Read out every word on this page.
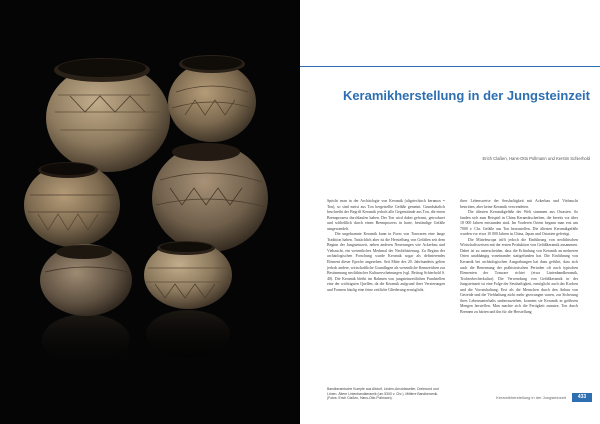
Keramikherstellung in der Jungsteinzeit
Erich Claßen, Hans-Otto Pollmann und Kerstin Schierhold

Spricht man in der Archäologie von Keramik (altgriechisch keramos = Ton), so sind meist aus Ton hergestellte Gefäße gemeint. Grundsätzlich beschreibt der Begriff Keramik jedoch alle Gegenstände aus Ton, die einen Brennprozess durchlaufen haben. Der Ton wird dabei geformt, getrocknet und schließlich durch einen Brennprozess in harte, beständige Gefäße umgewandelt.

Die ungebrannte Keramik kann in Form von Tonwaren eine lange Tradition haben. Tatsächlich aber ist die Herstellung von Gefäßen seit dem Beginn der Jungsteinzeit, neben anderen Neuerungen wie Ackerbau und Viehzucht, ein wesentliches Merkmal der Neolithisierung. Zu Beginn der archäologischen Forschung wurde Keramik sogar als definierendes Element dieser Epoche angesehen. Seit Mitte des 20. Jahrhunderts gelten jedoch andere, wirtschaftliche Grundlagen als wesentliche Kennzeichen zur Bestimmung neolithischer Kulturerscheinungen (vgl. Beitrag Schierhold S. 40). Die Keramik bleibt im Rahmen von jungsteinzeitlichen Fundstellen eine der wichtigsten Quellen, da die Keramik aufgrund ihrer Verzierungen und Formen häufig eine feine zeitliche Gliederung ermöglicht.

ihrer Lebensweise der Sesshaftigkeit mit Ackerbau und Viehzucht bestritten, aber keine Keramik verwendeten.

Die ältesten Keramikgefäße der Welt stammen aus Ostasien. So fanden sich zum Beispiel in China Keramikscherben, die bereits vor über 18 000 Jahren entstanden sind. Im Vorderen Orient begann man erst um 7000 v. Chr. Gefäße aus Ton herzustellen. Die ältesten Keramikgefäße wurden vor etwa 10 000 Jahren in China, Japan und Ostasien gefertigt.

Die Mitteleuropa trifft jedoch die Einführung von neolithischen Wirtschaftsweisen mit der ersten Produktion von Gefäßkeramik zusammen. Dabei ist zu unterscheiden, dass die Erfindung von Keramik an mehreren Orten unabhängig voneinander stattgefunden hat. Die Einführung von Keramik bei archäologischen Ausgrabungen hat dazu geführt, dass sich auch die Benennung der prähistorischen Perioden oft nach typischen Elementen der Tonware richtet (etwa Linienbandkeramik, Trichterbecherkultur). Die Verwendung von Gefäßkeramik in der Jungsteinzeit ist eine Folge der Sesshaftigkeit, ermöglicht auch das Kochen und die Vorratshaltung. Erst als die Menschen durch den Anbau von Getreide und die Viehhaltung nicht mehr gezwungen waren, zur Sicherung ihres Lebensunterhalts umherzuziehen, konnten sie Keramik in größeren Mengen herstellen. Man machte sich die Fertigkeit zunutze, Ton durch Brennen zu härten und ihn für die Herstellung

Bandkeramische Kumpfe aus Altdorf, Linden-Arnoldsweiler, Dortmund und Lünen. Ältere Linienbandkeramik (um 5300 v. Chr.). Mittlere Bandkeramik. (Fotos: Erich Claßen, Hans-Otto Pollmann).	Keramikherstellung in der Jungsteinzeit	433
